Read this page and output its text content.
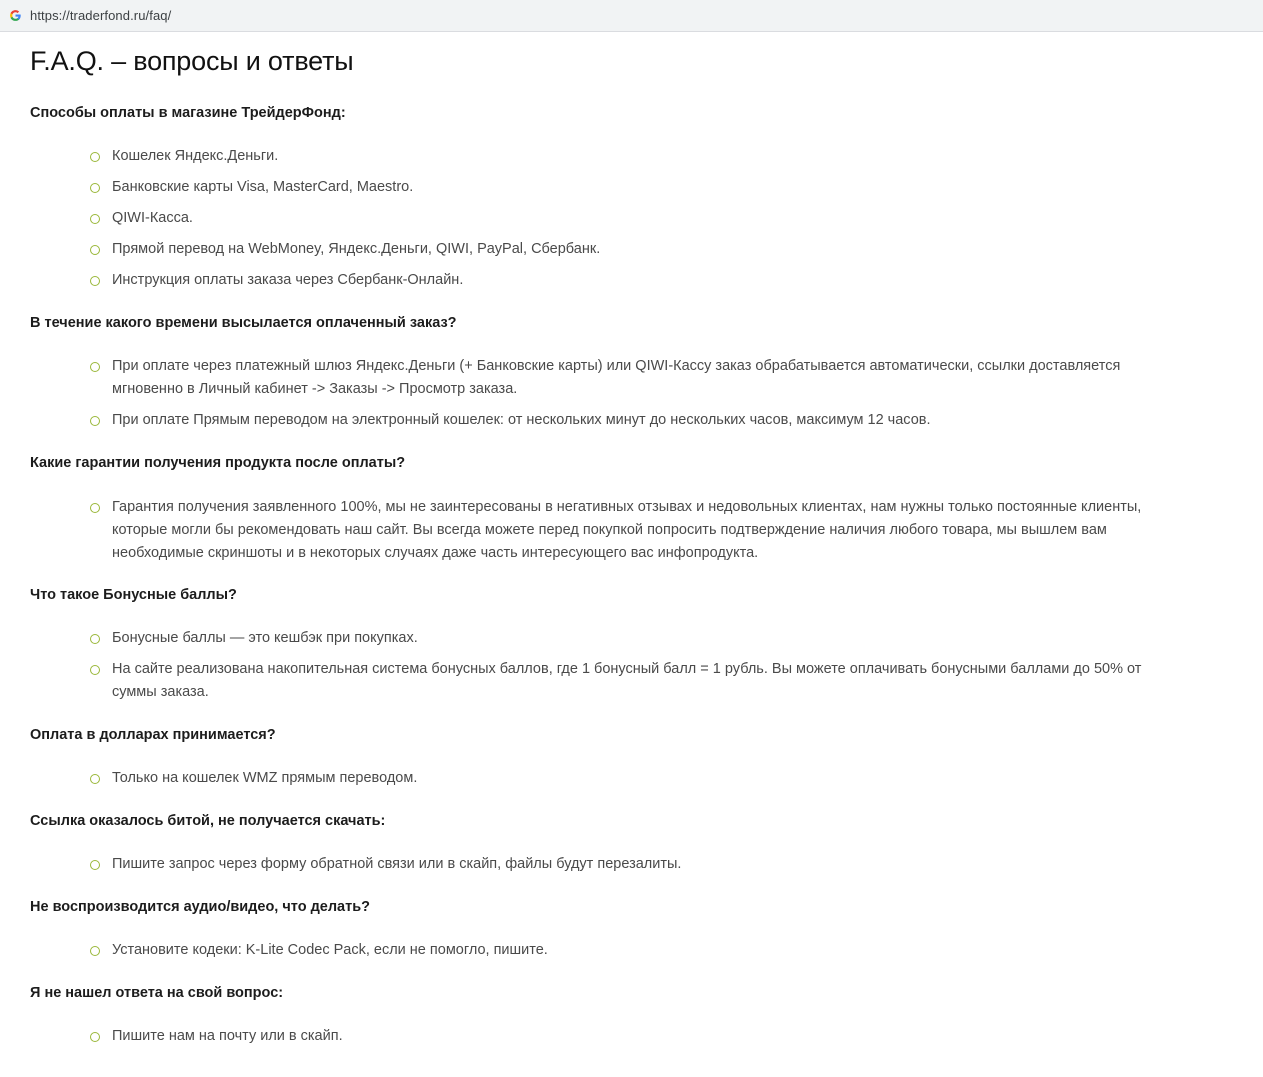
https://traderfond.ru/faq/
F.A.Q. – вопросы и ответы

Способы оплаты в магазине ТрейдерФонд:

Кошелек Яндекс.Деньги.

Банковские карты Visa, MasterCard, Maestro.

QIWI-Касса.

Прямой перевод на WebMoney, Яндекс.Деньги, QIWI, PayPal, Сбербанк.

Инструкция оплаты заказа через Сбербанк-Онлайн.

В течение какого времени высылается оплаченный заказ?

При оплате через платежный шлюз Яндекс.Деньги (+ Банковские карты) или QIWI-Кассу заказ обрабатывается автоматически, ссылки доставляется мгновенно в Личный кабинет -> Заказы -> Просмотр заказа.

При оплате Прямым переводом на электронный кошелек: от нескольких минут до нескольких часов, максимум 12 часов.

Какие гарантии получения продукта после оплаты?

Гарантия получения заявленного 100%, мы не заинтересованы в негативных отзывах и недовольных клиентах, нам нужны только постоянные клиенты, которые могли бы рекомендовать наш сайт. Вы всегда можете перед покупкой попросить подтверждение наличия любого товара, мы вышлем вам необходимые скриншоты и в некоторых случаях даже часть интересующего вас инфопродукта.

Что такое Бонусные баллы?

Бонусные баллы — это кешбэк при покупках.

На сайте реализована накопительная система бонусных баллов, где 1 бонусный балл = 1 рубль. Вы можете оплачивать бонусными баллами до 50% от суммы заказа.

Оплата в долларах принимается?

Только на кошелек WMZ прямым переводом.

Ссылка оказалось битой, не получается скачать:

Пишите запрос через форму обратной связи или в скайп, файлы будут перезалиты.

Не воспроизводится аудио/видео, что делать?

Установите кодеки: K-Lite Codec Pack, если не помогло, пишите.

Я не нашел ответа на свой вопрос:

Пишите нам на почту или в скайп.
